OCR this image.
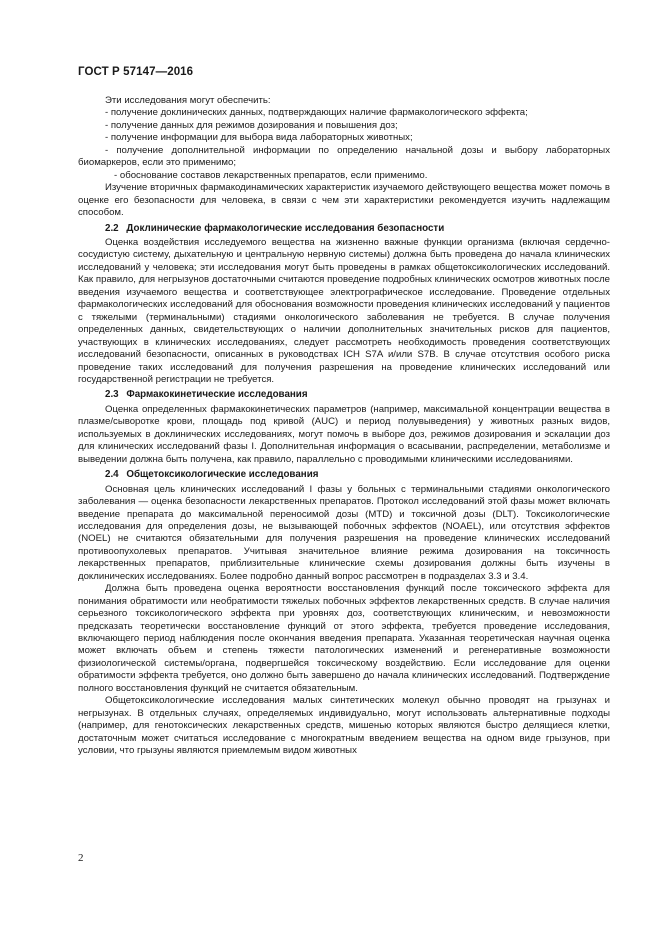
ГОСТ Р 57147—2016

Эти исследования могут обеспечить:

- получение доклинических данных, подтверждающих наличие фармакологического эффекта;

- получение данных для режимов дозирования и повышения доз;

- получение информации для выбора вида лабораторных животных;

- получение дополнительной информации по определению начальной дозы и выбору лабораторных биомаркеров, если это применимо;

- обоснование составов лекарственных препаратов, если применимо.

Изучение вторичных фармакодинамических характеристик изучаемого действующего вещества может помочь в оценке его безопасности для человека, в связи с чем эти характеристики рекомендуется изучить надлежащим способом.

2.2 Доклинические фармакологические исследования безопасности

Оценка воздействия исследуемого вещества на жизненно важные функции организма (включая сердечно-сосудистую систему, дыхательную и центральную нервную системы) должна быть проведена до начала клинических исследований у человека; эти исследования могут быть проведены в рамках общетоксикологических исследований. Как правило, для негрызунов достаточными считаются проведение подробных клинических осмотров животных после введения изучаемого вещества и соответствующее электрографическое исследование. Проведение отдельных фармакологических исследований для обоснования возможности проведения клинических исследований у пациентов с тяжелыми (терминальными) стадиями онкологического заболевания не требуется. В случае получения определенных данных, свидетельствующих о наличии дополнительных значительных рисков для пациентов, участвующих в клинических исследованиях, следует рассмотреть необходимость проведения соответствующих исследований безопасности, описанных в руководствах ICH S7A и/или S7B. В случае отсутствия особого риска проведение таких исследований для получения разрешения на проведение клинических исследований или государственной регистрации не требуется.

2.3 Фармакокинетические исследования

Оценка определенных фармакокинетических параметров (например, максимальной концентрации вещества в плазме/сыворотке крови, площадь под кривой (AUC) и период полувыведения) у животных разных видов, используемых в доклинических исследованиях, могут помочь в выборе доз, режимов дозирования и эскалации доз для клинических исследований фазы I. Дополнительная информация о всасывании, распределении, метаболизме и выведении должна быть получена, как правило, параллельно с проводимыми клиническими исследованиями.

2.4 Общетоксикологические исследования

Основная цель клинических исследований I фазы у больных с терминальными стадиями онкологического заболевания — оценка безопасности лекарственных препаратов. Протокол исследований этой фазы может включать введение препарата до максимальной переносимой дозы (MTD) и токсичной дозы (DLT). Токсикологические исследования для определения дозы, не вызывающей побочных эффектов (NOAEL), или отсутствия эффектов (NOEL) не считаются обязательными для получения разрешения на проведение клинических исследований противоопухолевых препаратов. Учитывая значительное влияние режима дозирования на токсичность лекарственных препаратов, приблизительные клинические схемы дозирования должны быть изучены в доклинических исследованиях. Более подробно данный вопрос рассмотрен в подразделах 3.3 и 3.4.

Должна быть проведена оценка вероятности восстановления функций после токсического эффекта для понимания обратимости или необратимости тяжелых побочных эффектов лекарственных средств. В случае наличия серьезного токсикологического эффекта при уровнях доз, соответствующих клиническим, и невозможности предсказать теоретически восстановление функций от этого эффекта, требуется проведение исследования, включающего период наблюдения после окончания введения препарата. Указанная теоретическая научная оценка может включать объем и степень тяжести патологических изменений и регенеративные возможности физиологической системы/органа, подвергшейся токсическому воздействию. Если исследование для оценки обратимости эффекта требуется, оно должно быть завершено до начала клинических исследований. Подтверждение полного восстановления функций не считается обязательным.

Общетоксикологические исследования малых синтетических молекул обычно проводят на грызунах и негрызунах. В отдельных случаях, определяемых индивидуально, могут использовать альтернативные подходы (например, для генотоксических лекарственных средств, мишенью которых являются быстро делящиеся клетки, достаточным может считаться исследование с многократным введением вещества на одном виде грызунов, при условии, что грызуны являются приемлемым видом животных

2
